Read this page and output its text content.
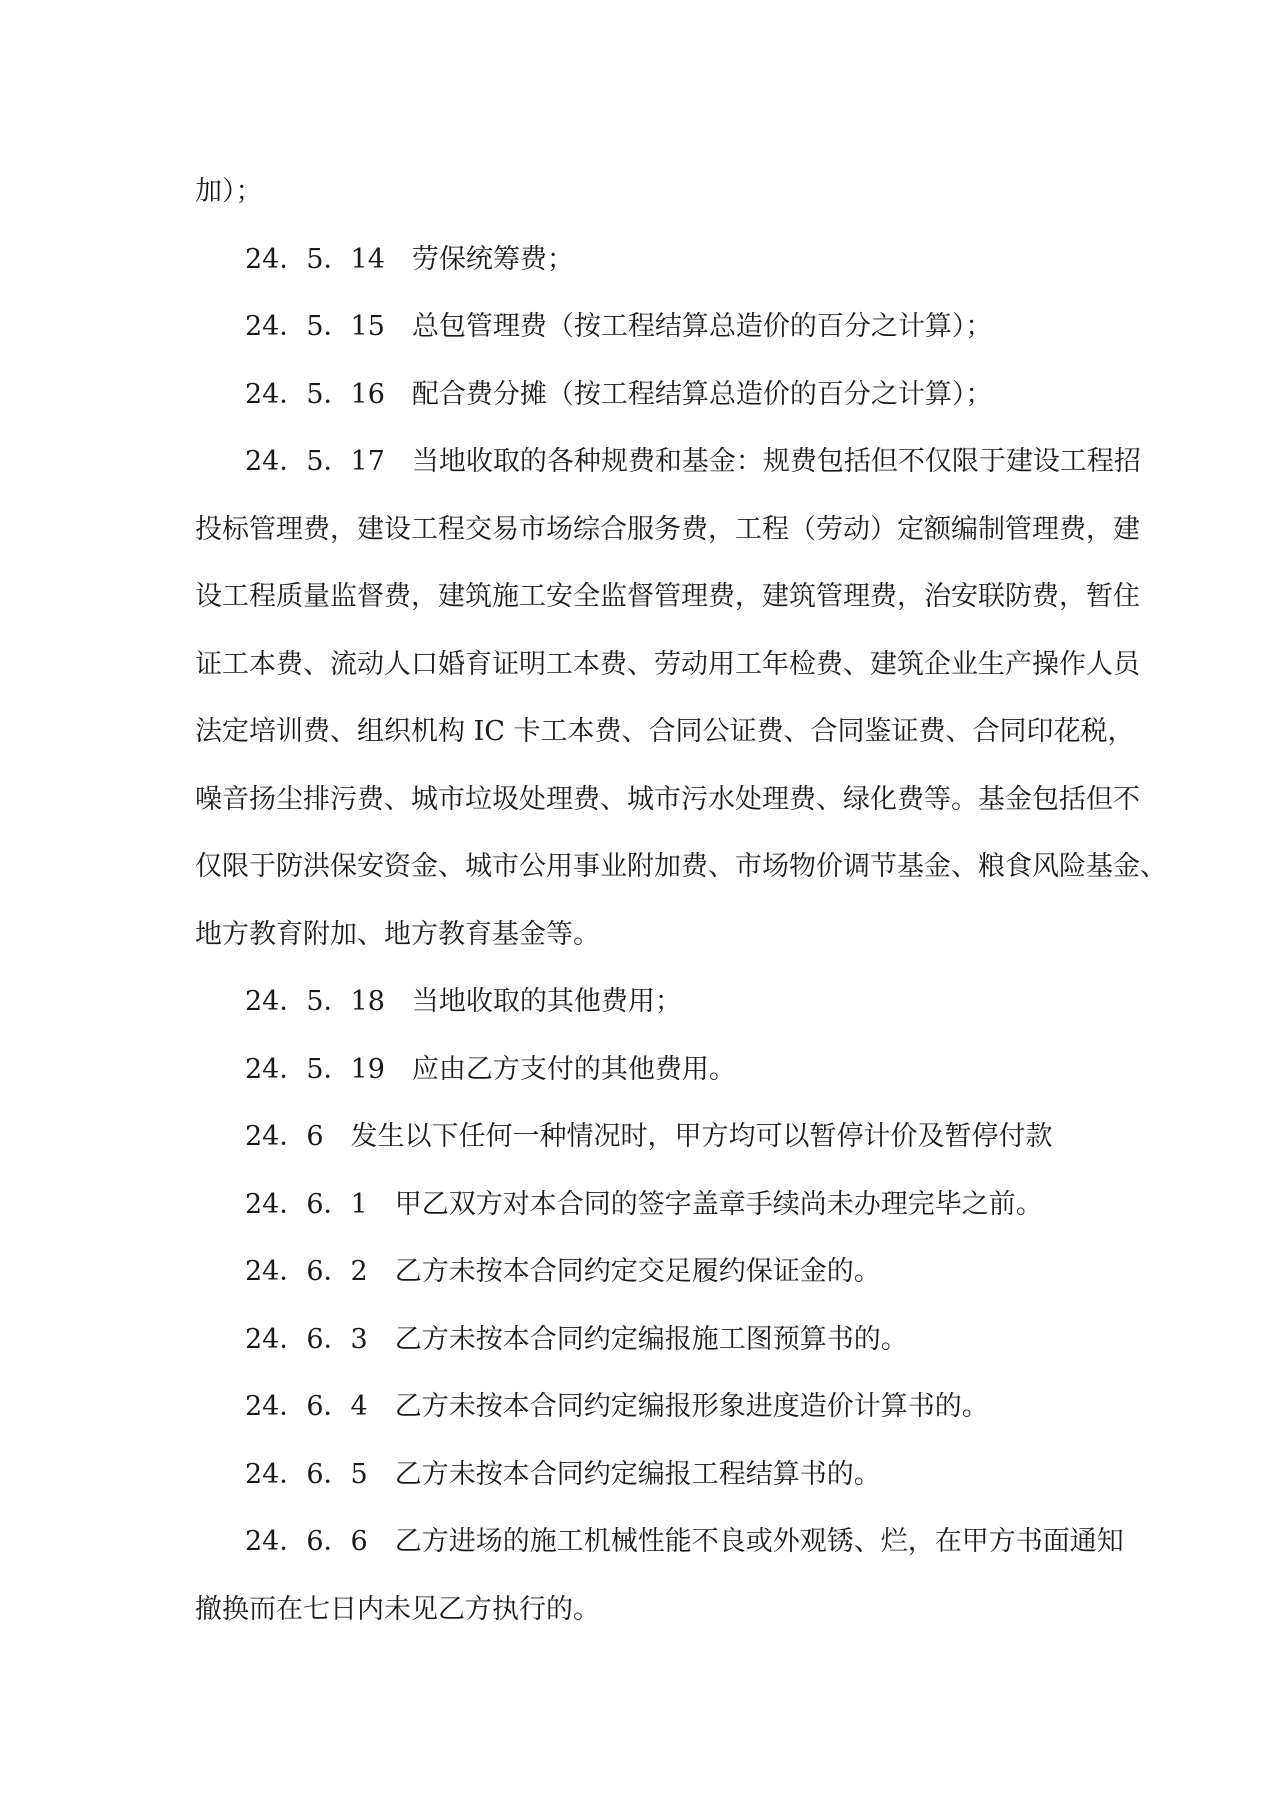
加）；
24．5．14　劳保统筹费；
24．5．15　总包管理费（按工程结算总造价的百分之计算）；
24．5．16　配合费分摊（按工程结算总造价的百分之计算）；
24．5．17　当地收取的各种规费和基金：规费包括但不仅限于建设工程招
投标管理费，建设工程交易市场综合服务费，工程（劳动）定额编制管理费，建
设工程质量监督费，建筑施工安全监督管理费，建筑管理费，治安联防费，暂住
证工本费、流动人口婚育证明工本费、劳动用工年检费、建筑企业生产操作人员
法定培训费、组织机构 IC 卡工本费、合同公证费、合同鉴证费、合同印花税，
噪音扬尘排污费、城市垃圾处理费、城市污水处理费、绿化费等。基金包括但不
仅限于防洪保安资金、城市公用事业附加费、市场物价调节基金、粮食风险基金、
地方教育附加、地方教育基金等。
24．5．18　当地收取的其他费用；
24．5．19　应由乙方支付的其他费用。
24．6　发生以下任何一种情况时，甲方均可以暂停计价及暂停付款
24．6．1　甲乙双方对本合同的签字盖章手续尚未办理完毕之前。
24．6．2　乙方未按本合同约定交足履约保证金的。
24．6．3　乙方未按本合同约定编报施工图预算书的。
24．6．4　乙方未按本合同约定编报形象进度造价计算书的。
24．6．5　乙方未按本合同约定编报工程结算书的。
24．6．6　乙方进场的施工机械性能不良或外观锈、烂，在甲方书面通知
撤换而在七日内未见乙方执行的。
